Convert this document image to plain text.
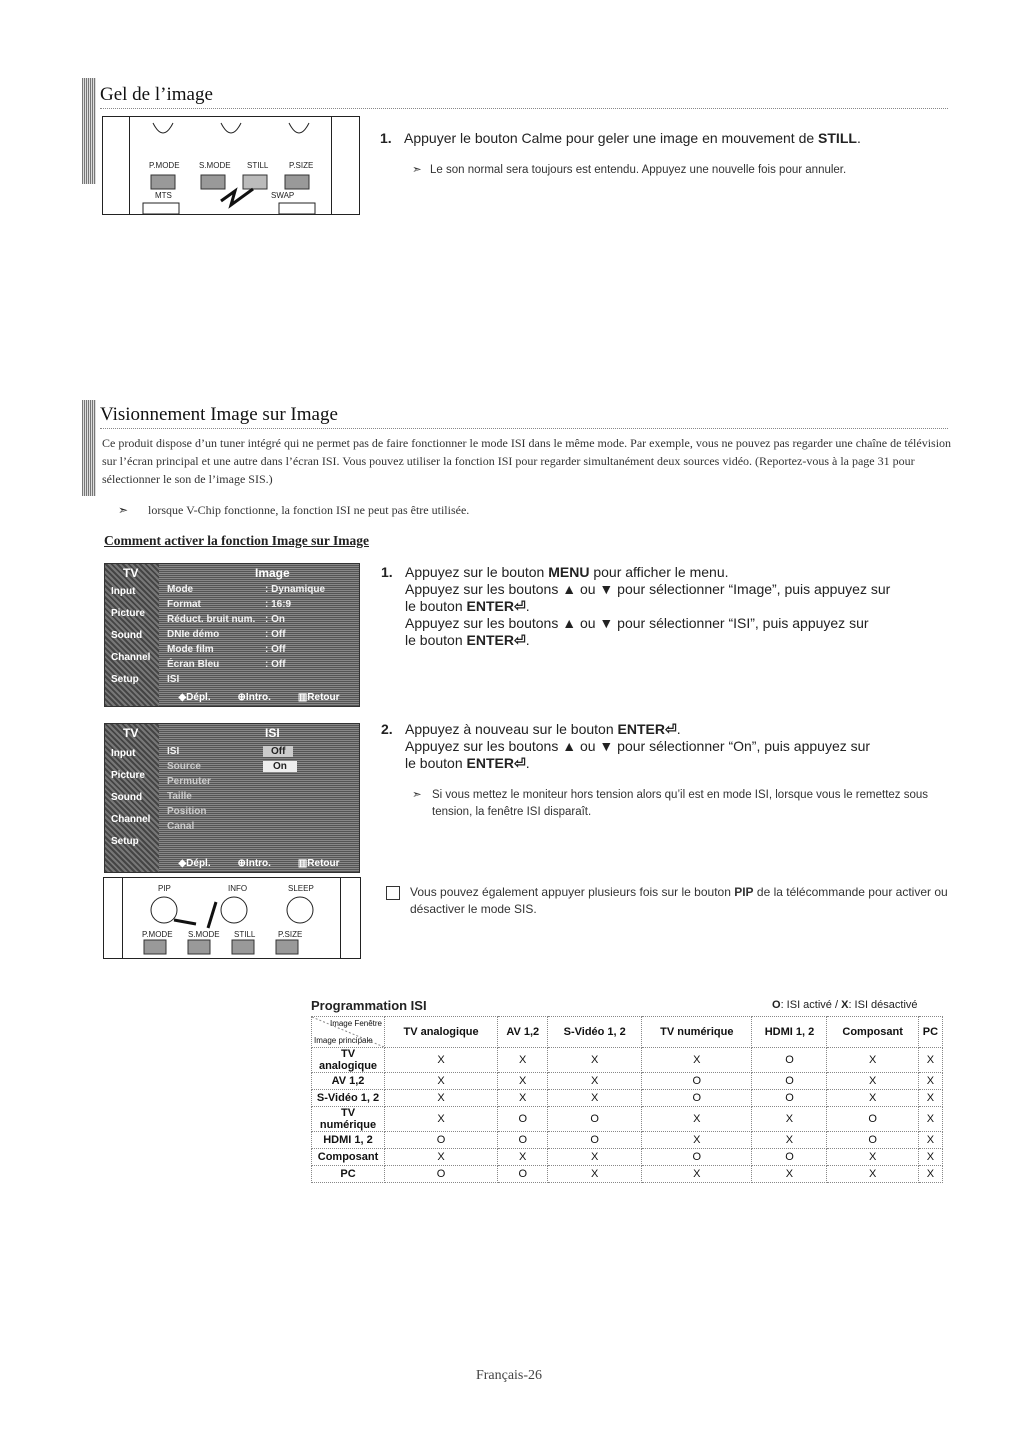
Gel de l’image
P.MODE S.MODE STILL	P.SIZE
MTS	SWAP
1. Appuyer le bouton Calme pour geler une image en mouvement de STILL.
➣ Le son normal sera toujours est entendu. Appuyez une nouvelle fois pour annuler.
Visionnement Image sur Image
Ce produit dispose d’un tuner intégré qui ne permet pas de faire fonctionner le mode ISI dans le même mode. Par exemple, vous ne pouvez pas regarder une chaîne de télévision sur l’écran principal et une autre dans l’écran ISI. Vous pouvez utiliser la fonction ISI pour regarder simultanément deux sources vidéo. (Reportez-vous à la page 31 pour sélectionner le son de l’image SIS.)
➣ lorsque V-Chip fonctionne, la fonction ISI ne peut pas être utilisée.
Comment activer la fonction Image sur Image
TV	Image
Input
Picture
Sound
Channel
Setup
Mode	: Dynamique
Format	: 16:9
Réduct. bruit num. : On
DNIe démo	: Off
Mode film	: Off
Écran Bleu	: Off
ISI
◆Dépl.	⊕Intro.	▥Retour
1. Appuyez sur le bouton MENU pour afficher le menu.
Appuyez sur les boutons ▲ ou ▼ pour sélectionner “Image”, puis appuyez sur
le bouton ENTER⏎.
Appuyez sur les boutons ▲ ou ▼ pour sélectionner “ISI”, puis appuyez sur
le bouton ENTER⏎.
TV	ISI
Input
Picture
Sound
Channel
Setup
ISI	Off
Source	On
Permuter
Taille
Position
Canal
◆Dépl.	⊕Intro.	▥Retour
2. Appuyez à nouveau sur le bouton ENTER⏎.
Appuyez sur les boutons ▲ ou ▼ pour sélectionner “On”, puis appuyez sur
le bouton ENTER⏎.
➣ Si vous mettez le moniteur hors tension alors qu’il est en mode ISI, lorsque vous le remettez sous tension, la fenêtre ISI disparaît.
PIP	INFO	SLEEP
P.MODE S.MODE STILL	P.SIZE
Vous pouvez également appuyer plusieurs fois sur le bouton PIP de la télécommande pour activer ou désactiver le mode SIS.
Programmation ISI	O: ISI activé / X: ISI désactivé
Image Fenêtre
Image principale	TV analogique	AV 1,2	S-Vidéo 1, 2	TV numérique	HDMI 1, 2	Composant	PC
TV analogique	X	X	X	X	O	X	X
AV 1,2	X	X	X	O	O	X	X
S-Vidéo 1, 2	X	X	X	O	O	X	X
TV numérique	X	O	O	X	X	O	X
HDMI 1, 2	O	O	O	X	X	O	X
Composant	X	X	X	O	O	X	X
PC	O	O	X	X	X	X	X
Français-26
